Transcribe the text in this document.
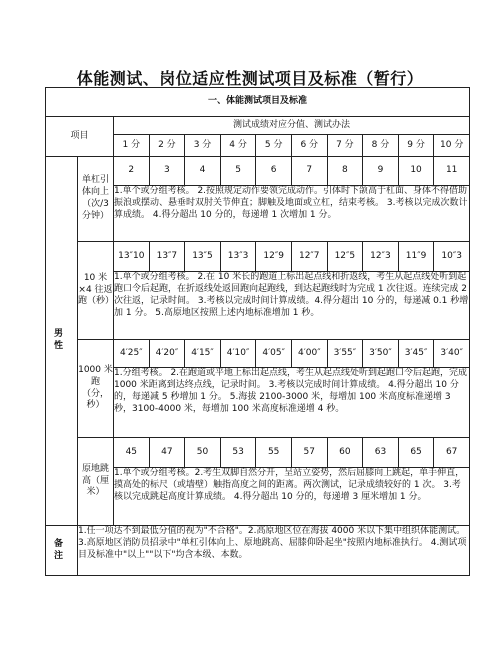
体能测试、岗位适应性测试项目及标准（暂行）
一、体能测试项目及标准											
项目		测试成绩对应分值、测试办法									
		1 分	2 分	3 分	4 分	5 分	6 分	7 分	8 分	9 分	10 分
男 性	单杠引体向上（次/3分钟）	2	3	4	5	6	7	8	9	10	11
		1.单个或分组考核。 2.按照规定动作要领完成动作。引体时下颌高于杠面、身体不得借助振浪或摆动、悬垂时双肘关节伸直；脚触及地面或立杠，结束考核。 3.考核以完成次数计算成绩。 4.得分超出 10 分的，每递增 1 次增加 1 分。									
	10 米×4 往返跑（秒）	13″10	13″7	13″5	13″3	12″9	12″7	12″5	12″3	11″9	10″3
		1.单个或分组考核。 2.在 10 米长的跑道上标出起点线和折返线，考生从起点线处听到起跑口令后起跑，在折返线处返回跑向起跑线，到达起跑线时为完成 1 次往返。连续完成 2 次往返，记录时间。 3.考核以完成时间计算成绩。4.得分超出 10 分的，每递减 0.1 秒增加 1 分。 5.高原地区按照上述内地标准增加 1 秒。									
	1000 米跑（分，秒）	4′25″	4′20″	4′15″	4′10″	4′05″	4′00″	3′55″	3′50″	3′45″	3′40″
		1.分组考核。 2.在跑道或平地上标出起点线，考生从起点线处听到起跑口令后起跑，完成 1000 米距离到达终点线，记录时间。 3.考核以完成时间计算成绩。 4.得分超出 10 分的，每递减 5 秒增加 1 分。 5.海拔 2100-3000 米，每增加 100 米高度标准递增 3 秒，3100-4000 米，每增加 100 米高度标准递增 4 秒。									
	原地跳高（厘米）	45	47	50	53	55	57	60	63	65	67
		1.单个或分组考核。2.考生双脚自然分开，呈站立姿势，然后屈膝向上跳起，单手伸直，摸高处的标尺（或墙壁）触指高度之间的距离。两次测试，记录成绩较好的 1 次。 3.考核以完成跳起高度计算成绩。 4.得分超出 10 分的，每递增 3 厘米增加 1 分。									
备 注	1.任一项达不到最低分值的视为"不合格"。2.高原地区位在海拔 4000 米以下集中组织体能测试。 3.高原地区消防员招录中"单杠引体向上、原地跳高、屈膝仰卧起坐"按照内地标准执行。 4.测试项目及标准中"以上""以下"均含本级、本数。										
